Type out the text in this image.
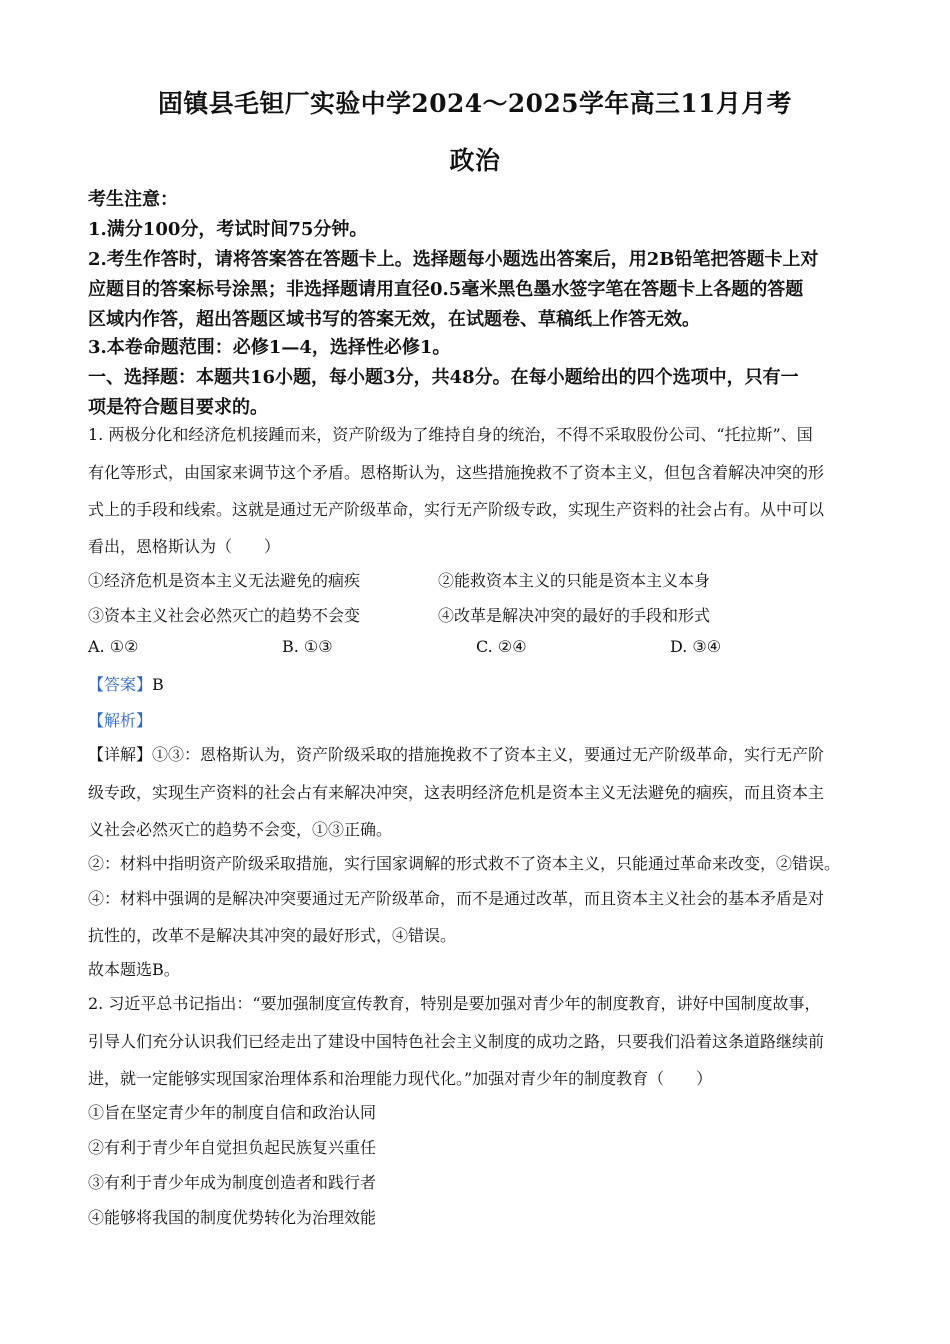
固镇县毛钽厂实验中学2024～2025学年高三11月月考
政治
考生注意：
1.满分100分，考试时间75分钟。
2.考生作答时，请将答案答在答题卡上。选择题每小题选出答案后，用2B铅笔把答题卡上对
应题目的答案标号涂黑；非选择题请用直径0.5毫米黑色墨水签字笔在答题卡上各题的答题
区域内作答，超出答题区域书写的答案无效，在试题卷、草稿纸上作答无效。
3.本卷命题范围：必修1—4，选择性必修1。
一、选择题：本题共16小题，每小题3分，共48分。在每小题给出的四个选项中，只有一
项是符合题目要求的。
1. 两极分化和经济危机接踵而来，资产阶级为了维持自身的统治，不得不采取股份公司、“托拉斯”、国
有化等形式，由国家来调节这个矛盾。恩格斯认为，这些措施挽救不了资本主义，但包含着解决冲突的形
式上的手段和线索。这就是通过无产阶级革命，实行无产阶级专政，实现生产资料的社会占有。从中可以
看出，恩格斯认为（　　）
①经济危机是资本主义无法避免的痼疾	②能救资本主义的只能是资本主义本身
③资本主义社会必然灭亡的趋势不会变	④改革是解决冲突的最好的手段和形式
A. ①②	B. ①③	C. ②④	D. ③④
【答案】B
【解析】
【详解】①③：恩格斯认为，资产阶级采取的措施挽救不了资本主义，要通过无产阶级革命，实行无产阶
级专政，实现生产资料的社会占有来解决冲突，这表明经济危机是资本主义无法避免的痼疾，而且资本主
义社会必然灭亡的趋势不会变，①③正确。
②：材料中指明资产阶级采取措施，实行国家调解的形式救不了资本主义，只能通过革命来改变，②错误。
④：材料中强调的是解决冲突要通过无产阶级革命，而不是通过改革，而且资本主义社会的基本矛盾是对
抗性的，改革不是解决其冲突的最好形式，④错误。
故本题选B。
2. 习近平总书记指出：“要加强制度宣传教育，特别是要加强对青少年的制度教育，讲好中国制度故事，
引导人们充分认识我们已经走出了建设中国特色社会主义制度的成功之路，只要我们沿着这条道路继续前
进，就一定能够实现国家治理体系和治理能力现代化。”加强对青少年的制度教育（　　）
①旨在坚定青少年的制度自信和政治认同
②有利于青少年自觉担负起民族复兴重任
③有利于青少年成为制度创造者和践行者
④能够将我国的制度优势转化为治理效能
